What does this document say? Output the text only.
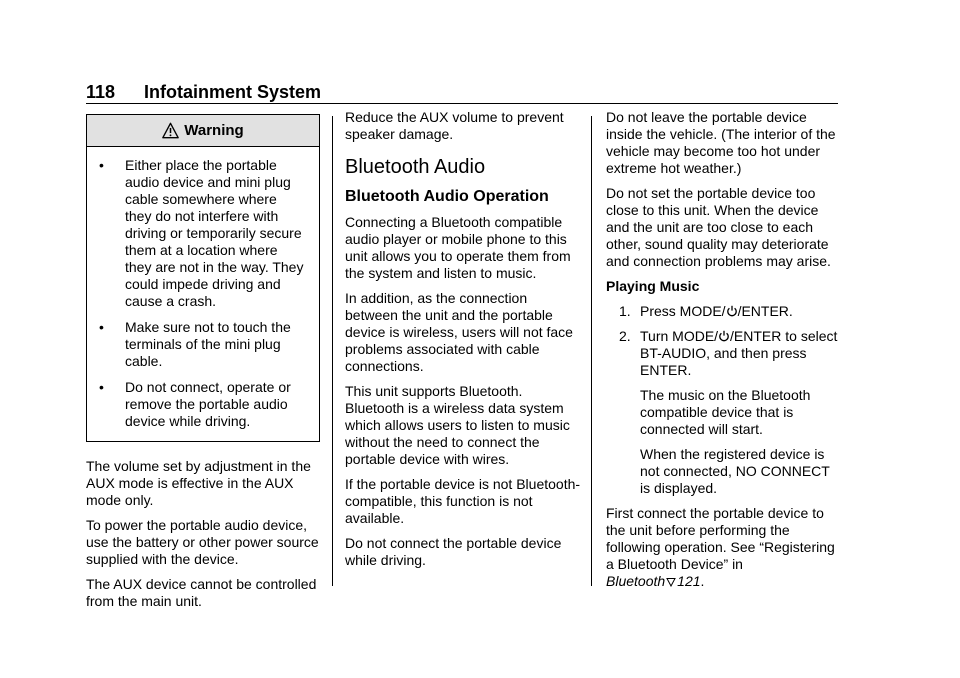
118 Infotainment System
Warning
•	Either place the portable audio device and mini plug cable somewhere where they do not interfere with driving or temporarily secure them at a location where they are not in the way. They could impede driving and cause a crash.
•	Make sure not to touch the terminals of the mini plug cable.
•	Do not connect, operate or remove the portable audio device while driving.

The volume set by adjustment in the AUX mode is effective in the AUX mode only.

To power the portable audio device, use the battery or other power source supplied with the device.

The AUX device cannot be controlled from the main unit.

Reduce the AUX volume to prevent speaker damage.

Bluetooth Audio
Bluetooth Audio Operation

Connecting a Bluetooth compatible audio player or mobile phone to this unit allows you to operate them from the system and listen to music.

In addition, as the connection between the unit and the portable device is wireless, users will not face problems associated with cable connections.

This unit supports Bluetooth. Bluetooth is a wireless data system which allows users to listen to music without the need to connect the portable device with wires.

If the portable device is not Bluetooth-compatible, this function is not available.

Do not connect the portable device while driving.

Do not leave the portable device inside the vehicle. (The interior of the vehicle may become too hot under extreme hot weather.)

Do not set the portable device too close to this unit. When the device and the unit are too close to each other, sound quality may deteriorate and connection problems may arise.

Playing Music

1. Press MODE/ /ENTER.
2. Turn MODE/ /ENTER to select BT-AUDIO, and then press ENTER.

The music on the Bluetooth compatible device that is connected will start.

When the registered device is not connected, NO CONNECT is displayed.

First connect the portable device to the unit before performing the following operation. See “Registering a Bluetooth Device” in
Bluetooth 121.
